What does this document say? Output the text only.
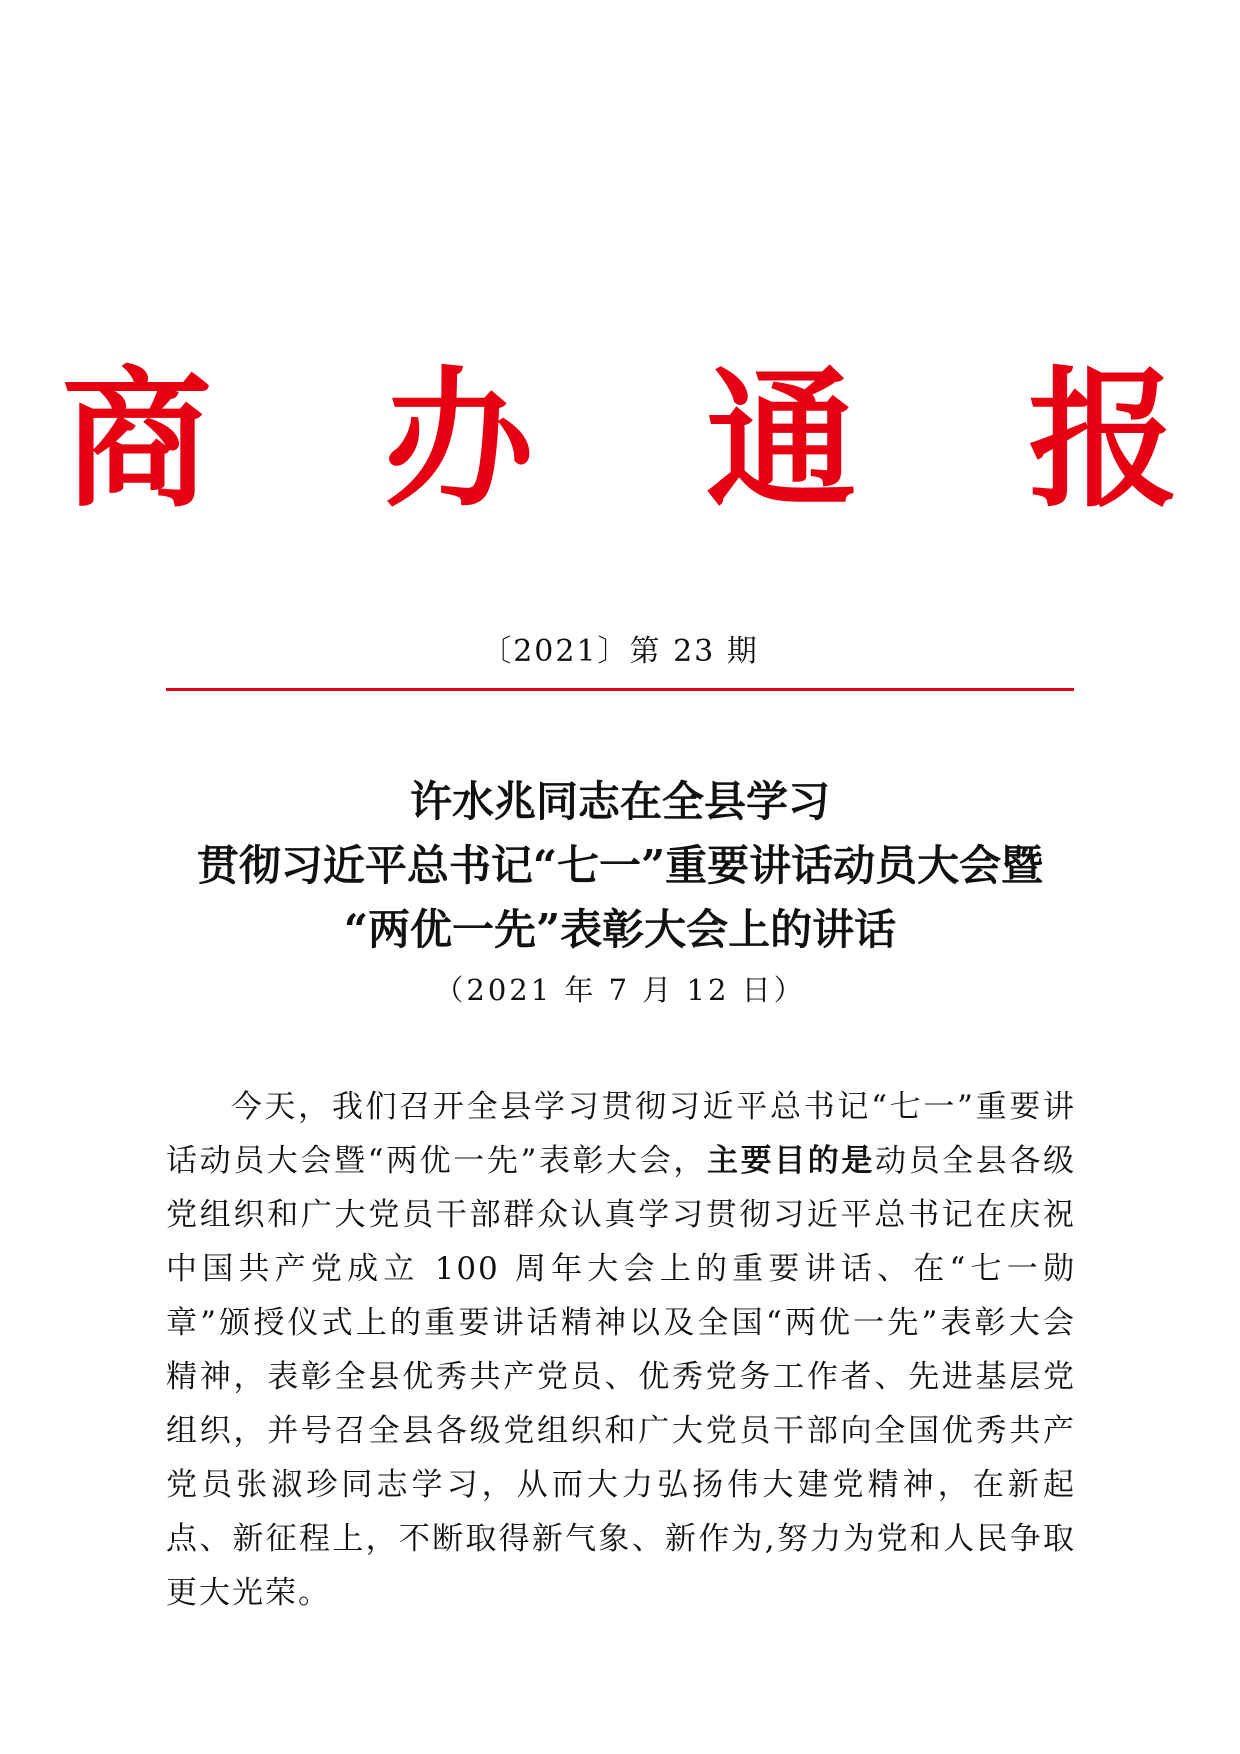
商 办 通 报
〔2021〕第 23 期
许水兆同志在全县学习
贯彻习近平总书记“七一”重要讲话动员大会暨
“两优一先”表彰大会上的讲话
（2021 年 7 月 12 日）
今天，我们召开全县学习贯彻习近平总书记“七一”重要讲话动员大会暨“两优一先”表彰大会，主要目的是动员全县各级党组织和广大党员干部群众认真学习贯彻习近平总书记在庆祝中国共产党成立 100 周年大会上的重要讲话、在“七一勋章”颁授仪式上的重要讲话精神以及全国“两优一先”表彰大会精神，表彰全县优秀共产党员、优秀党务工作者、先进基层党组织，并号召全县各级党组织和广大党员干部向全国优秀共产党员张淑珍同志学习，从而大力弘扬伟大建党精神，在新起点、新征程上，不断取得新气象、新作为,努力为党和人民争取更大光荣。
